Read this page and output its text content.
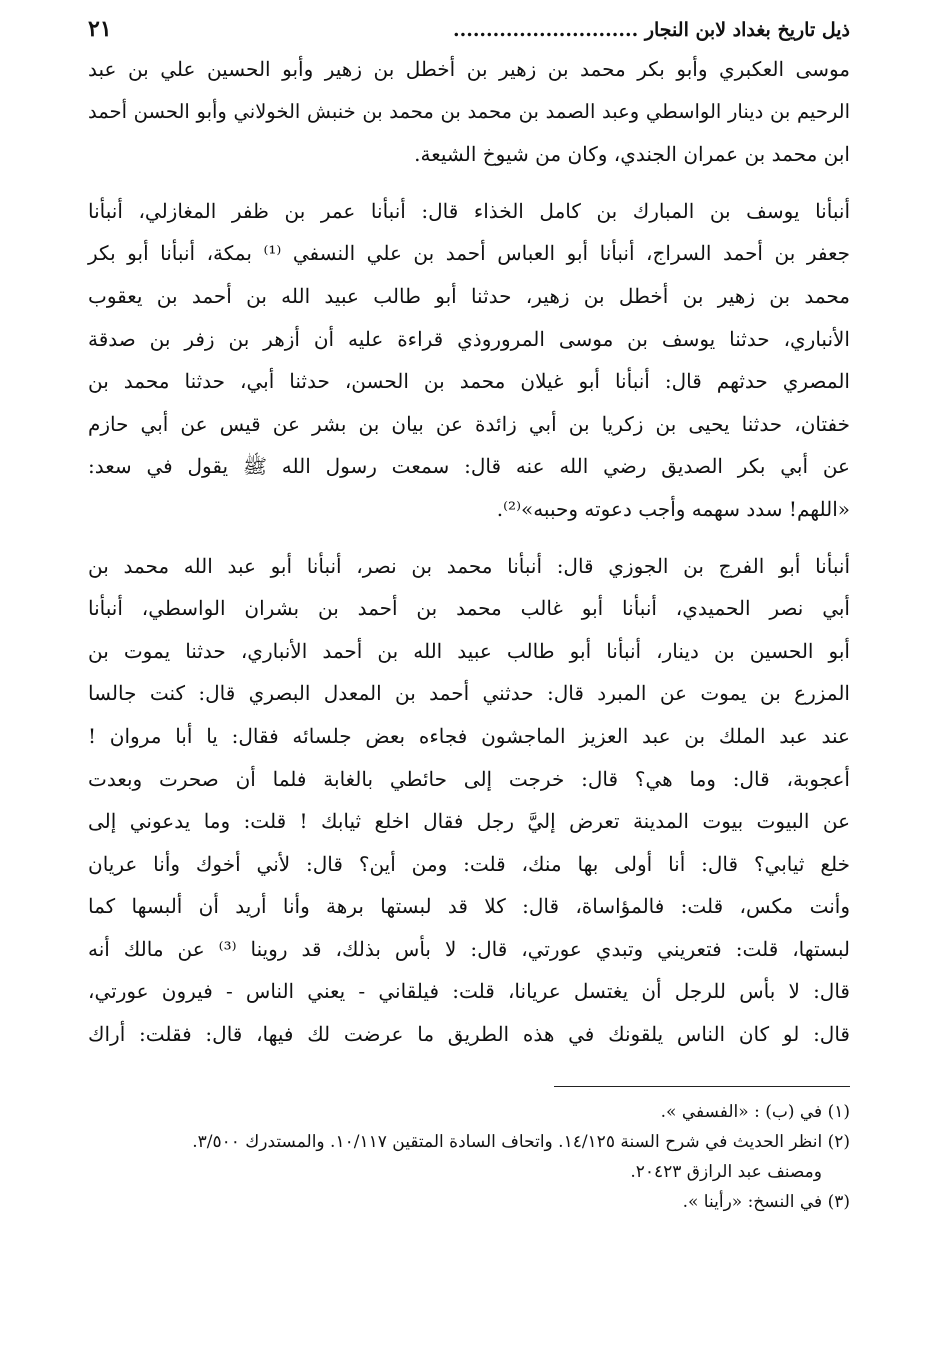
ذيل تاريخ بغداد لابن النجار ............................
٢١
موسى العكبري وأبو بكر محمد بن زهير بن أخطل بن زهير وأبو الحسين علي بن عبد
الرحيم بن دينار الواسطي وعبد الصمد بن محمد بن محمد بن خنبش الخولاني وأبو الحسن أحمد
ابن محمد بن عمران الجندي، وكان من شيوخ الشيعة.
أنبأنا يوسف بن المبارك بن كامل الخذاء قال: أنبأنا عمر بن ظفر المغازلي، أنبأنا
جعفر بن أحمد السراج، أنبأنا أبو العباس أحمد بن علي النسفي ⁽¹⁾ بمكة، أنبأنا أبو بكر
محمد بن زهير بن أخطل بن زهير، حدثنا أبو طالب عبيد الله بن أحمد بن يعقوب
الأنباري، حدثنا يوسف بن موسى المروروذي قراءة عليه أن أزهر بن زفر بن صدقة
المصري حدثهم قال: أنبأنا أبو غيلان محمد بن الحسن، حدثنا أبي، حدثنا محمد بن
خفتان، حدثنا يحيى بن زكريا بن أبي زائدة عن بيان بن بشر عن قيس عن أبي حازم
عن أبي بكر الصديق رضي الله عنه قال: سمعت رسول الله ﷺ يقول في سعد:
«اللهم! سدد سهمه وأجب دعوته وحببه»⁽²⁾.
أنبأنا أبو الفرج بن الجوزي قال: أنبأنا محمد بن نصر، أنبأنا أبو عبد الله محمد بن
أبي نصر الحميدي، أنبأنا أبو غالب محمد بن أحمد بن بشران الواسطي، أنبأنا
أبو الحسين بن دينار، أنبأنا أبو طالب عبيد الله بن أحمد الأنباري، حدثنا يموت بن
المزرع بن يموت عن المبرد قال: حدثني أحمد بن المعدل البصري قال: كنت جالسا
عند عبد الملك بن عبد العزيز الماجشون فجاءه بعض جلسائه فقال: يا أبا مروان !
أعجوبة، قال: وما هي؟ قال: خرجت إلى حائطي بالغابة فلما أن صحرت وبعدت
عن البيوت بيوت المدينة تعرض إليَّ رجل فقال اخلع ثيابك ! قلت: وما يدعوني إلى
خلع ثيابي؟ قال: أنا أولى بها منك، قلت: ومن أين؟ قال: لأني أخوك وأنا عريان
وأنت مكس، قلت: فالمؤاساة، قال: كلا قد لبستها برهة وأنا أريد أن ألبسها كما
لبستها، قلت: فتعريني وتبدي عورتي، قال: لا بأس بذلك، قد روينا ⁽³⁾ عن مالك أنه
قال: لا بأس للرجل أن يغتسل عريانا، قلت: فيلقاني - يعني الناس - فيرون عورتي،
قال: لو كان الناس يلقونك في هذه الطريق ما عرضت لك فيها، قال: فقلت: أراك
(١) في (ب) : «الفسفي ».
(٢) انظر الحديث في شرح السنة ١٤/١٢٥. واتحاف السادة المتقين ١٠/١١٧. والمستدرك ٣/٥٠٠.
ومصنف عبد الرازق ٢٠٤٢٣.
(٣) في النسخ: «رأينا ».
